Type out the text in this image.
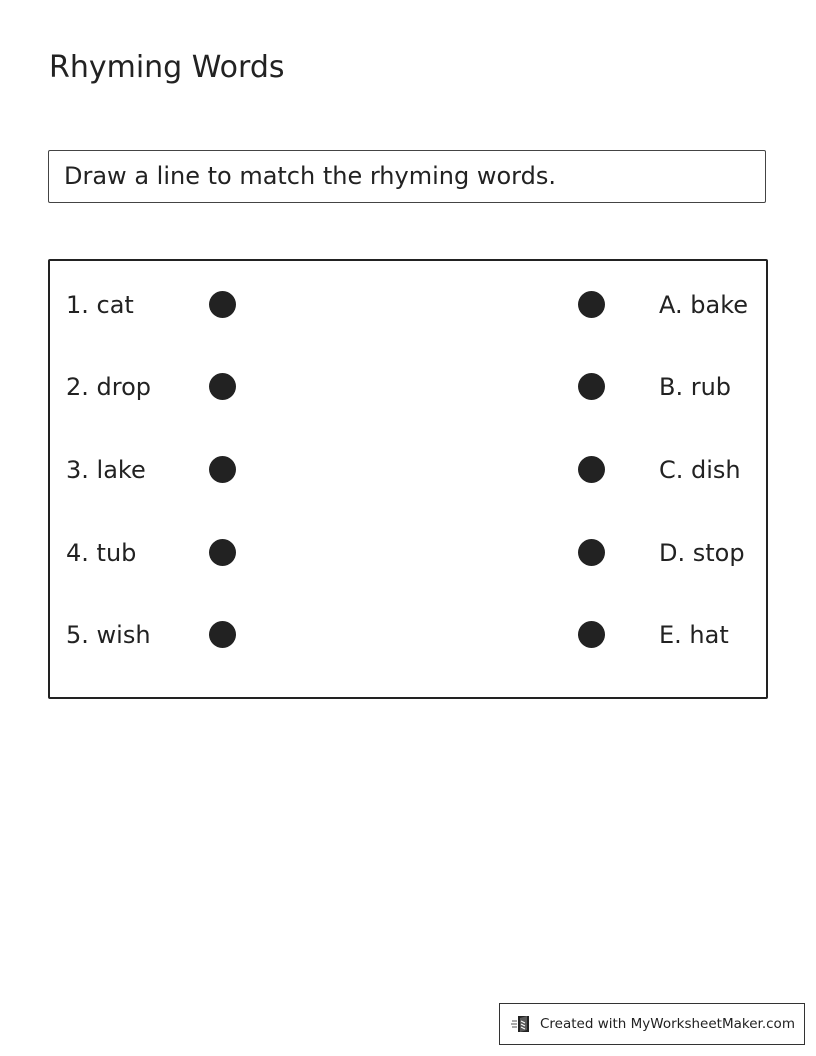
Rhyming Words
Draw a line to match the rhyming words.
1. cat	A. bake
2. drop	B. rub
3. lake	C. dish
4. tub	D. stop
5. wish	E. hat
Created with MyWorksheetMaker.com
